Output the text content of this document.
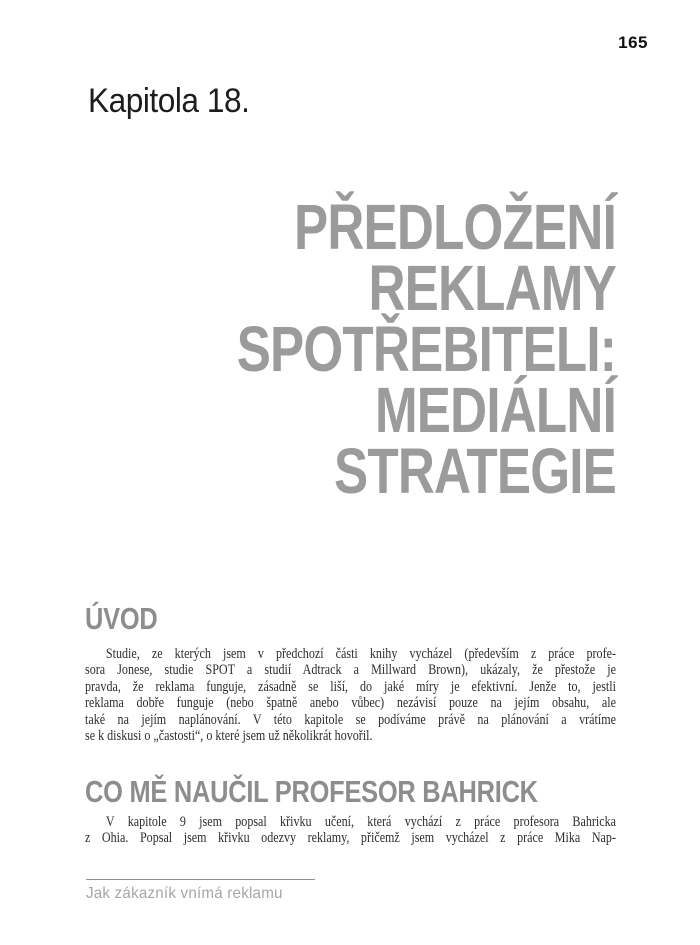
165
Kapitola 18.
PŘEDLOŽENÍ
REKLAMY
SPOTŘEBITELI:
MEDIÁLNÍ
STRATEGIE
ÚVOD
Studie, ze kterých jsem v předchozí části knihy vycházel (především z práce profe-
sora Jonese, studie SPOT a studií Adtrack a Millward Brown), ukázaly, že přestože je
pravda, že reklama funguje, zásadně se liší, do jaké míry je efektivní. Jenže to, jestli
reklama dobře funguje (nebo špatně anebo vůbec) nezávisí pouze na jejím obsahu, ale
také na jejím naplánování. V této kapitole se podíváme právě na plánování a vrátíme
se k diskusi o „častosti“, o které jsem už několikrát hovořil.
CO MĚ NAUČIL PROFESOR BAHRICK
V kapitole 9 jsem popsal křivku učení, která vychází z práce profesora Bahricka
z Ohia. Popsal jsem křivku odezvy reklamy, přičemž jsem vycházel z práce Mika Nap-
Jak zákazník vnímá reklamu
